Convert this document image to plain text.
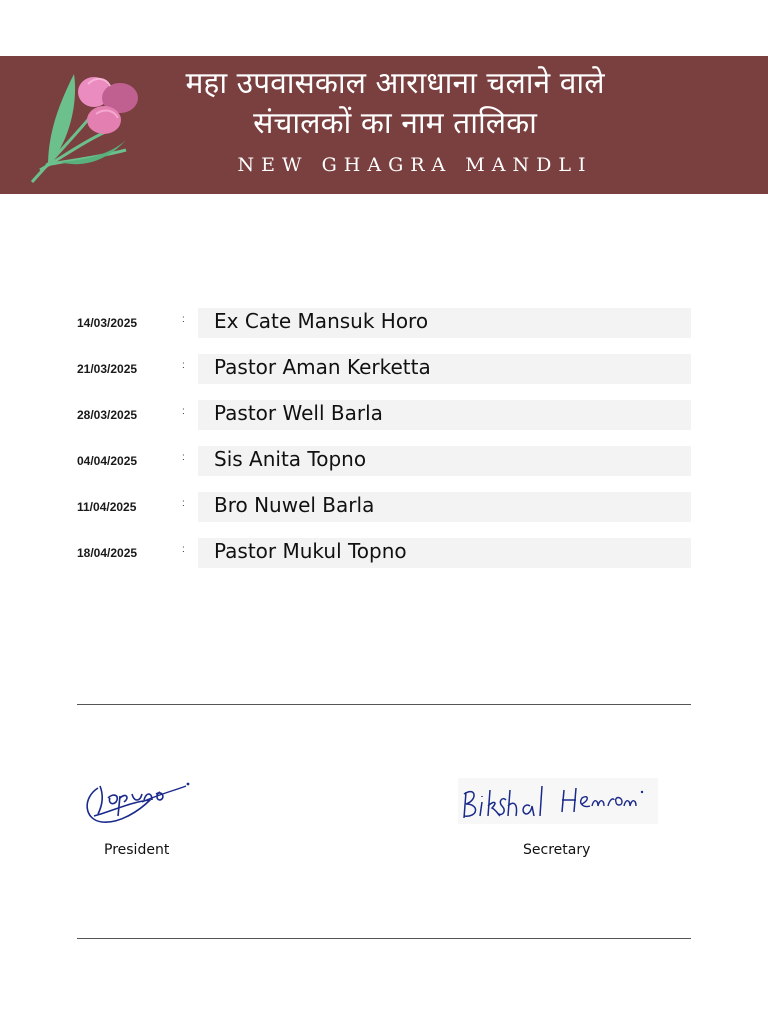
महा उपवासकाल आराधाना चलाने वाले
संचालकों का नाम तालिका
NEW GHAGRA MANDLI
14/03/2025	: Ex Cate Mansuk Horo
21/03/2025	: Pastor Aman Kerketta
28/03/2025	: Pastor Well Barla
04/04/2025	: Sis Anita Topno
11/04/2025	: Bro Nuwel Barla
18/04/2025	: Pastor Mukul Topno
President	Secretary
